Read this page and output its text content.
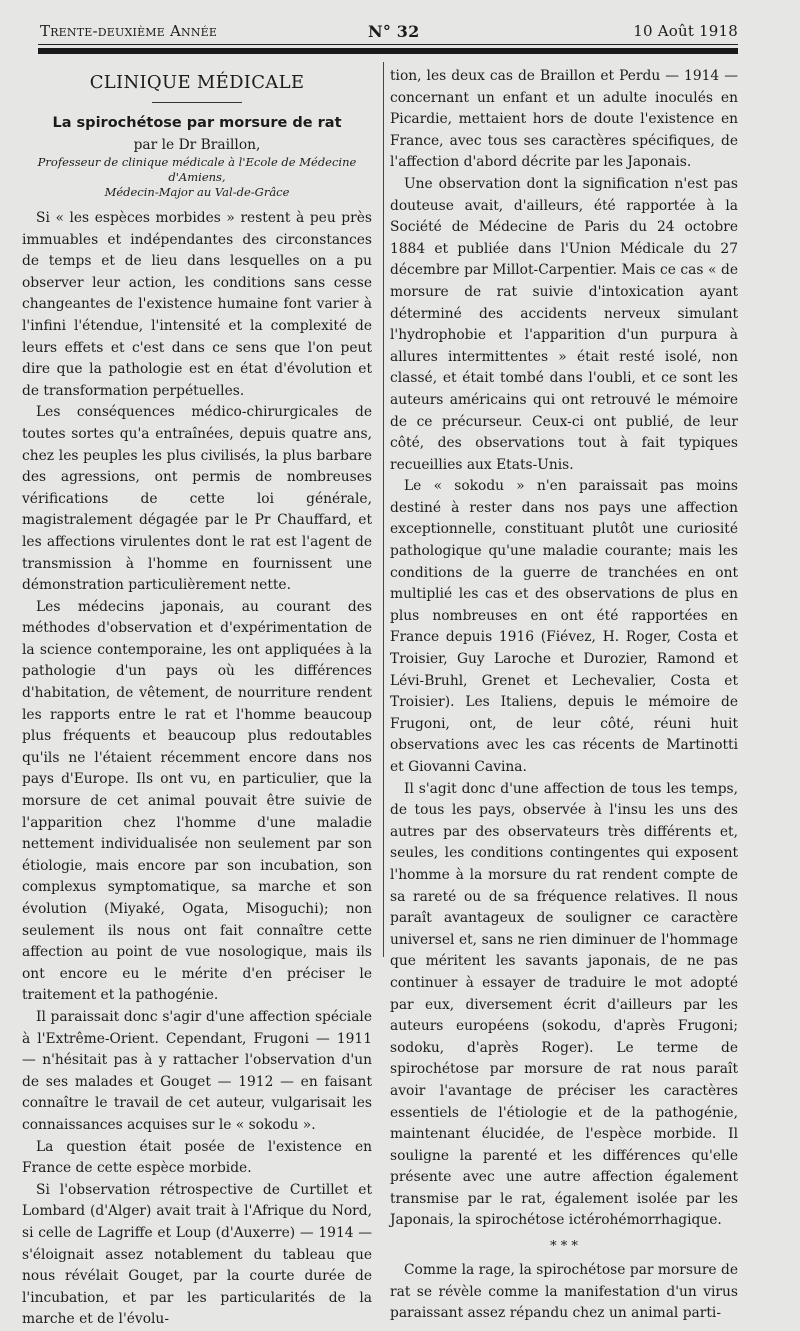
Trente-deuxième Année	N° 32	10 Août 1918
CLINIQUE MÉDICALE
La spirochétose par morsure de rat
par le Dr Braillon,
Professeur de clinique médicale à l'Ecole de Médecine d'Amiens,
Médecin-Major au Val-de-Grâce

Si « les espèces morbides » restent à peu près immuables et indépendantes des circonstances de temps et de lieu dans lesquelles on a pu observer leur action, les conditions sans cesse changeantes de l'existence humaine font varier à l'infini l'étendue, l'intensité et la complexité de leurs effets et c'est dans ce sens que l'on peut dire que la pathologie est en état d'évolution et de transformation perpétuelles.

Les conséquences médico-chirurgicales de toutes sortes qu'a entraînées, depuis quatre ans, chez les peuples les plus civilisés, la plus barbare des agressions, ont permis de nombreuses vérifications de cette loi générale, magistralement dégagée par le Pr Chauffard, et les affections virulentes dont le rat est l'agent de transmission à l'homme en fournissent une démonstration particulièrement nette.

Les médecins japonais, au courant des méthodes d'observation et d'expérimentation de la science contemporaine, les ont appliquées à la pathologie d'un pays où les différences d'habitation, de vêtement, de nourriture rendent les rapports entre le rat et l'homme beaucoup plus fréquents et beaucoup plus redoutables qu'ils ne l'étaient récemment encore dans nos pays d'Europe. Ils ont vu, en particulier, que la morsure de cet animal pouvait être suivie de l'apparition chez l'homme d'une maladie nettement individualisée non seulement par son étiologie, mais encore par son incubation, son complexus symptomatique, sa marche et son évolution (Miyaké, Ogata, Misoguchi); non seulement ils nous ont fait connaître cette affection au point de vue nosologique, mais ils ont encore eu le mérite d'en préciser le traitement et la pathogénie.

Il paraissait donc s'agir d'une affection spéciale à l'Extrême-Orient. Cependant, Frugoni — 1911 — n'hésitait pas à y rattacher l'observation d'un de ses malades et Gouget — 1912 — en faisant connaître le travail de cet auteur, vulgarisait les connaissances acquises sur le « sokodu ».

La question était posée de l'existence en France de cette espèce morbide.

Si l'observation rétrospective de Curtillet et Lombard (d'Alger) avait trait à l'Afrique du Nord, si celle de Lagriffe et Loup (d'Auxerre) — 1914 — s'éloignait assez notablement du tableau que nous révélait Gouget, par la courte durée de l'incubation, et par les particularités de la marche et de l'évolu-

tion, les deux cas de Braillon et Perdu — 1914 — concernant un enfant et un adulte inoculés en Picardie, mettaient hors de doute l'existence en France, avec tous ses caractères spécifiques, de l'affection d'abord décrite par les Japonais.

Une observation dont la signification n'est pas douteuse avait, d'ailleurs, été rapportée à la Société de Médecine de Paris du 24 octobre 1884 et publiée dans l'Union Médicale du 27 décembre par Millot-Carpentier. Mais ce cas « de morsure de rat suivie d'intoxication ayant déterminé des accidents nerveux simulant l'hydrophobie et l'apparition d'un purpura à allures intermittentes » était resté isolé, non classé, et était tombé dans l'oubli, et ce sont les auteurs américains qui ont retrouvé le mémoire de ce précurseur. Ceux-ci ont publié, de leur côté, des observations tout à fait typiques recueillies aux Etats-Unis.

Le « sokodu » n'en paraissait pas moins destiné à rester dans nos pays une affection exceptionnelle, constituant plutôt une curiosité pathologique qu'une maladie courante; mais les conditions de la guerre de tranchées en ont multiplié les cas et des observations de plus en plus nombreuses en ont été rapportées en France depuis 1916 (Fiévez, H. Roger, Costa et Troisier, Guy Laroche et Durozier, Ramond et Lévi-Bruhl, Grenet et Lechevalier, Costa et Troisier). Les Italiens, depuis le mémoire de Frugoni, ont, de leur côté, réuni huit observations avec les cas récents de Martinotti et Giovanni Cavina.

Il s'agit donc d'une affection de tous les temps, de tous les pays, observée à l'insu les uns des autres par des observateurs très différents et, seules, les conditions contingentes qui exposent l'homme à la morsure du rat rendent compte de sa rareté ou de sa fréquence relatives. Il nous paraît avantageux de souligner ce caractère universel et, sans ne rien diminuer de l'hommage que méritent les savants japonais, de ne pas continuer à essayer de traduire le mot adopté par eux, diversement écrit d'ailleurs par les auteurs européens (sokodu, d'après Frugoni; sodoku, d'après Roger). Le terme de spirochétose par morsure de rat nous paraît avoir l'avantage de préciser les caractères essentiels de l'étiologie et de la pathogénie, maintenant élucidée, de l'espèce morbide. Il souligne la parenté et les différences qu'elle présente avec une autre affection également transmise par le rat, également isolée par les Japonais, la spirochétose ictérohémorrhagique.

* * *

Comme la rage, la spirochétose par morsure de rat se révèle comme la manifestation d'un virus paraissant assez répandu chez un animal parti-
